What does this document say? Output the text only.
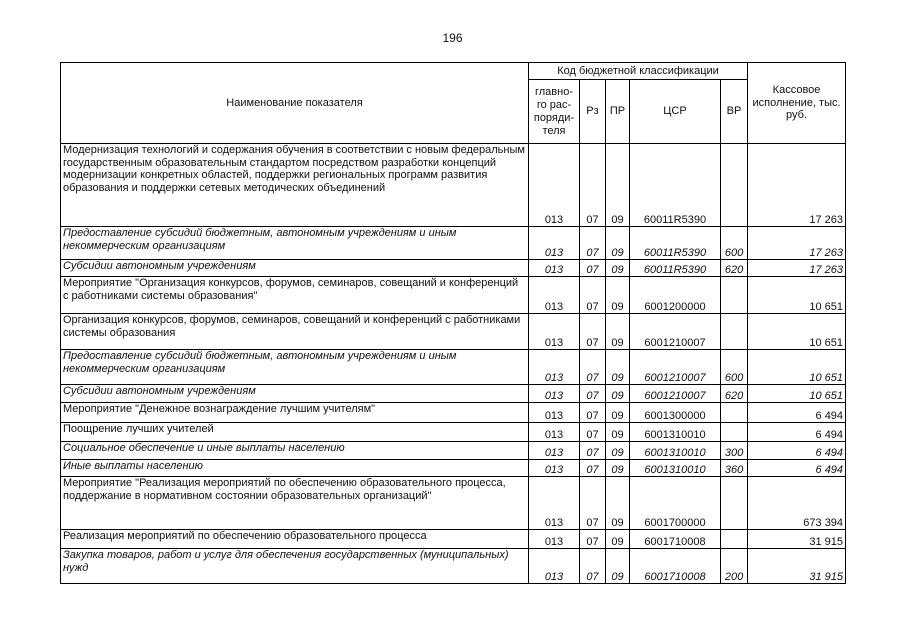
196
Наименование показателя	Код бюджетной классификации					Кассовое исполнение, тыс. руб.
	главно-го рас-поряди-теля	Рз	ПР	ЦСР	ВР	
Модернизация технологий и содержания обучения в соответствии с новым федеральным государственным образовательным стандартом посредством разработки концепций модернизации конкретных областей, поддержки региональных программ развития образования и поддержки сетевых методических объединений	013	07	09	60011R5390		17 263
Предоставление субсидий бюджетным, автономным учреждениям и иным некоммерческим организациям	013	07	09	60011R5390	600	17 263
Субсидии автономным учреждениям	013	07	09	60011R5390	620	17 263
Мероприятие "Организация конкурсов, форумов, семинаров, совещаний и конференций с работниками системы образования"	013	07	09	6001200000		10 651
Организация конкурсов, форумов, семинаров, совещаний и конференций с работниками системы образования	013	07	09	6001210007		10 651
Предоставление субсидий бюджетным, автономным учреждениям и иным некоммерческим организациям	013	07	09	6001210007	600	10 651
Субсидии автономным учреждениям	013	07	09	6001210007	620	10 651
Мероприятие "Денежное вознаграждение лучшим учителям"	013	07	09	6001300000		6 494
Поощрение лучших учителей	013	07	09	6001310010		6 494
Социальное обеспечение и иные выплаты населению	013	07	09	6001310010	300	6 494
Иные выплаты населению	013	07	09	6001310010	360	6 494
Мероприятие "Реализация мероприятий по обеспечению образовательного процесса, поддержание в нормативном состоянии образовательных организаций"	013	07	09	6001700000		673 394
Реализация мероприятий по обеспечению образовательного процесса	013	07	09	6001710008		31 915
Закупка товаров, работ и услуг для обеспечения государственных (муниципальных) нужд	013	07	09	6001710008	200	31 915
